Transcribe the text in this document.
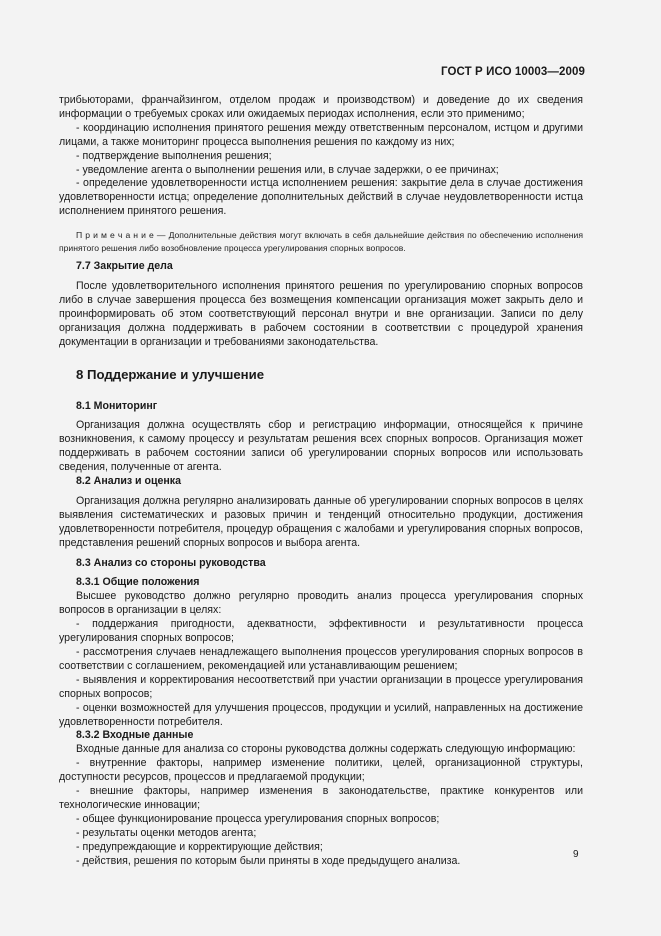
ГОСТ Р ИСО 10003—2009

трибьюторами, франчайзингом, отделом продаж и производством) и доведение до их сведения информации о требуемых сроках или ожидаемых периодах исполнения, если это применимо;

- координацию исполнения принятого решения между ответственным персоналом, истцом и другими лицами, а также мониторинг процесса выполнения решения по каждому из них;

- подтверждение выполнения решения;

- уведомление агента о выполнении решения или, в случае задержки, о ее причинах;

- определение удовлетворенности истца исполнением решения: закрытие дела в случае достижения удовлетворенности истца; определение дополнительных действий в случае неудовлетворенности истца исполнением принятого решения.

П р и м е ч а н и е — Дополнительные действия могут включать в себя дальнейшие действия по обеспечению исполнения принятого решения либо возобновление процесса урегулирования спорных вопросов.

7.7 Закрытие дела

После удовлетворительного исполнения принятого решения по урегулированию спорных вопросов либо в случае завершения процесса без возмещения компенсации организация может закрыть дело и проинформировать об этом соответствующий персонал внутри и вне организации. Записи по делу организация должна поддерживать в рабочем состоянии в соответствии с процедурой хранения документации в организации и требованиями законодательства.

8 Поддержание и улучшение

8.1 Мониторинг

Организация должна осуществлять сбор и регистрацию информации, относящейся к причине возникновения, к самому процессу и результатам решения всех спорных вопросов. Организация может поддерживать в рабочем состоянии записи об урегулировании спорных вопросов или использовать сведения, полученные от агента.

8.2 Анализ и оценка

Организация должна регулярно анализировать данные об урегулировании спорных вопросов в целях выявления систематических и разовых причин и тенденций относительно продукции, достижения удовлетворенности потребителя, процедур обращения с жалобами и урегулирования спорных вопросов, представления решений спорных вопросов и выбора агента.

8.3 Анализ со стороны руководства

8.3.1 Общие положения

Высшее руководство должно регулярно проводить анализ процесса урегулирования спорных вопросов в организации в целях:

- поддержания пригодности, адекватности, эффективности и результативности процесса урегулирования спорных вопросов;

- рассмотрения случаев ненадлежащего выполнения процессов урегулирования спорных вопросов в соответствии с соглашением, рекомендацией или устанавливающим решением;

- выявления и корректирования несоответствий при участии организации в процессе урегулирования спорных вопросов;

- оценки возможностей для улучшения процессов, продукции и усилий, направленных на достижение удовлетворенности потребителя.

8.3.2 Входные данные

Входные данные для анализа со стороны руководства должны содержать следующую информацию:

- внутренние факторы, например изменение политики, целей, организационной структуры, доступности ресурсов, процессов и предлагаемой продукции;

- внешние факторы, например изменения в законодательстве, практике конкурентов или технологические инновации;

- общее функционирование процесса урегулирования спорных вопросов;

- результаты оценки методов агента;

- предупреждающие и корректирующие действия;

- действия, решения по которым были приняты в ходе предыдущего анализа.

9
